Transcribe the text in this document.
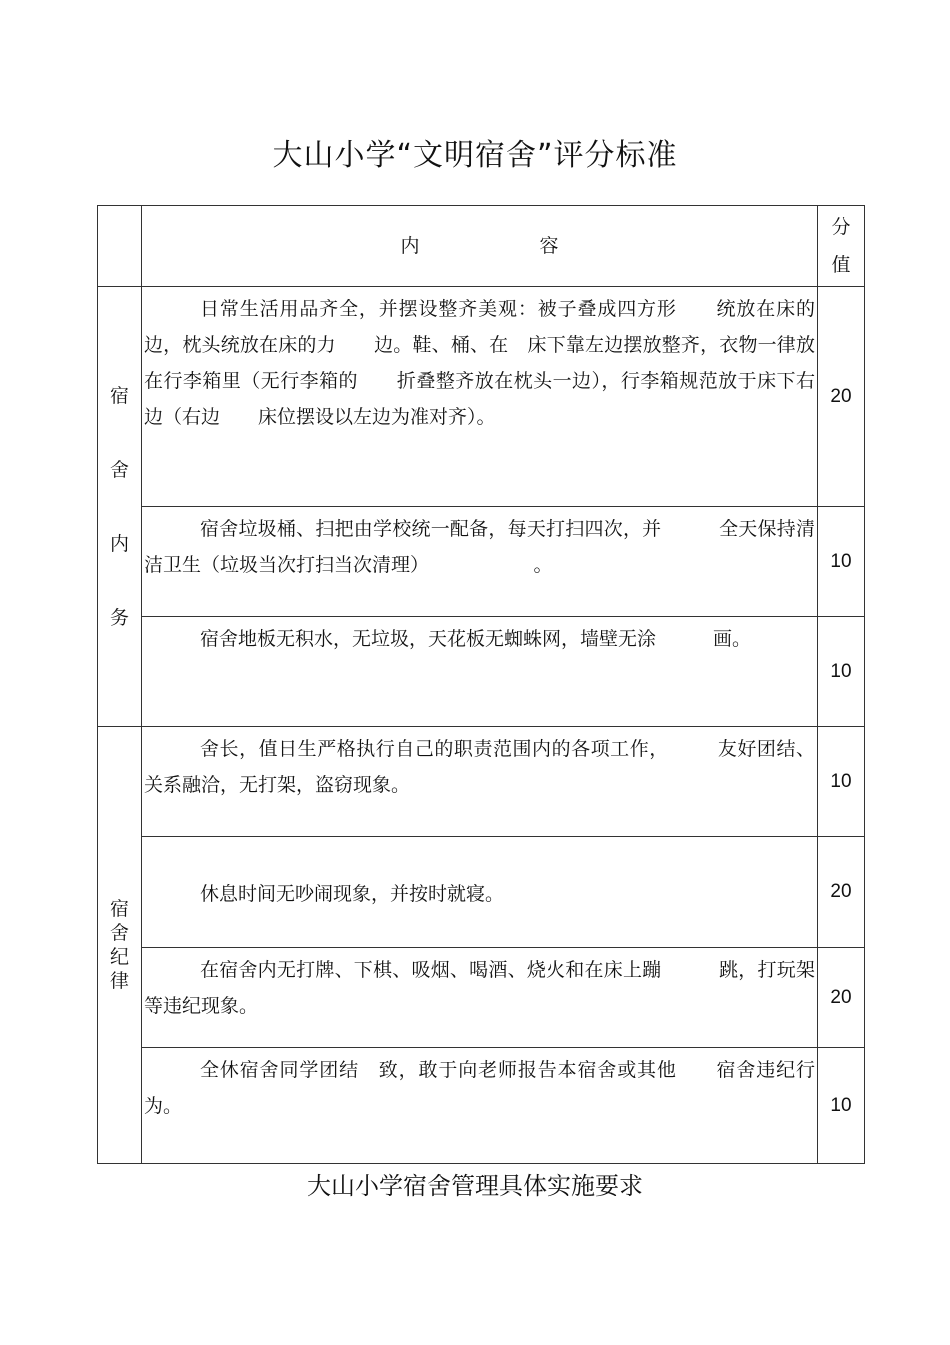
大山小学“文明宿舍”评分标准
	内 容	分
值

宿
舍
内
务	日常生活用品齐全，并摆设整齐美观：被子叠成四方形　　统放在床的边，枕头统放在床的力　　边。鞋、桶、在　床下靠左边摆放整齐，衣物一律放在行李箱里（无行李箱的　　折叠整齐放在枕头一边），行李箱规范放于床下右边（右边　　床位摆设以左边为准对齐）。	20
	宿舍垃圾桶、扫把由学校统一配备，每天打扫四次，并　　　全天保持清洁卫生（垃圾当次打扫当次清理）　　　　　　。	10
	宿舍地板无积水，无垃圾，天花板无蜘蛛网，墙壁无涂　　　画。	10

宿
舍
纪
律	舍长，值日生严格执行自己的职责范围内的各项工作，　　　友好团结、关系融洽，无打架，盗窃现象。	10
	休息时间无吵闹现象，并按时就寝。	20
	在宿舍内无打牌、下棋、吸烟、喝酒、烧火和在床上蹦　　　跳，打玩架等违纪现象。	20
	全休宿舍同学团结　致，敢于向老师报告本宿舍或其他　　宿舍违纪行为。	10
大山小学宿舍管理具体实施要求
